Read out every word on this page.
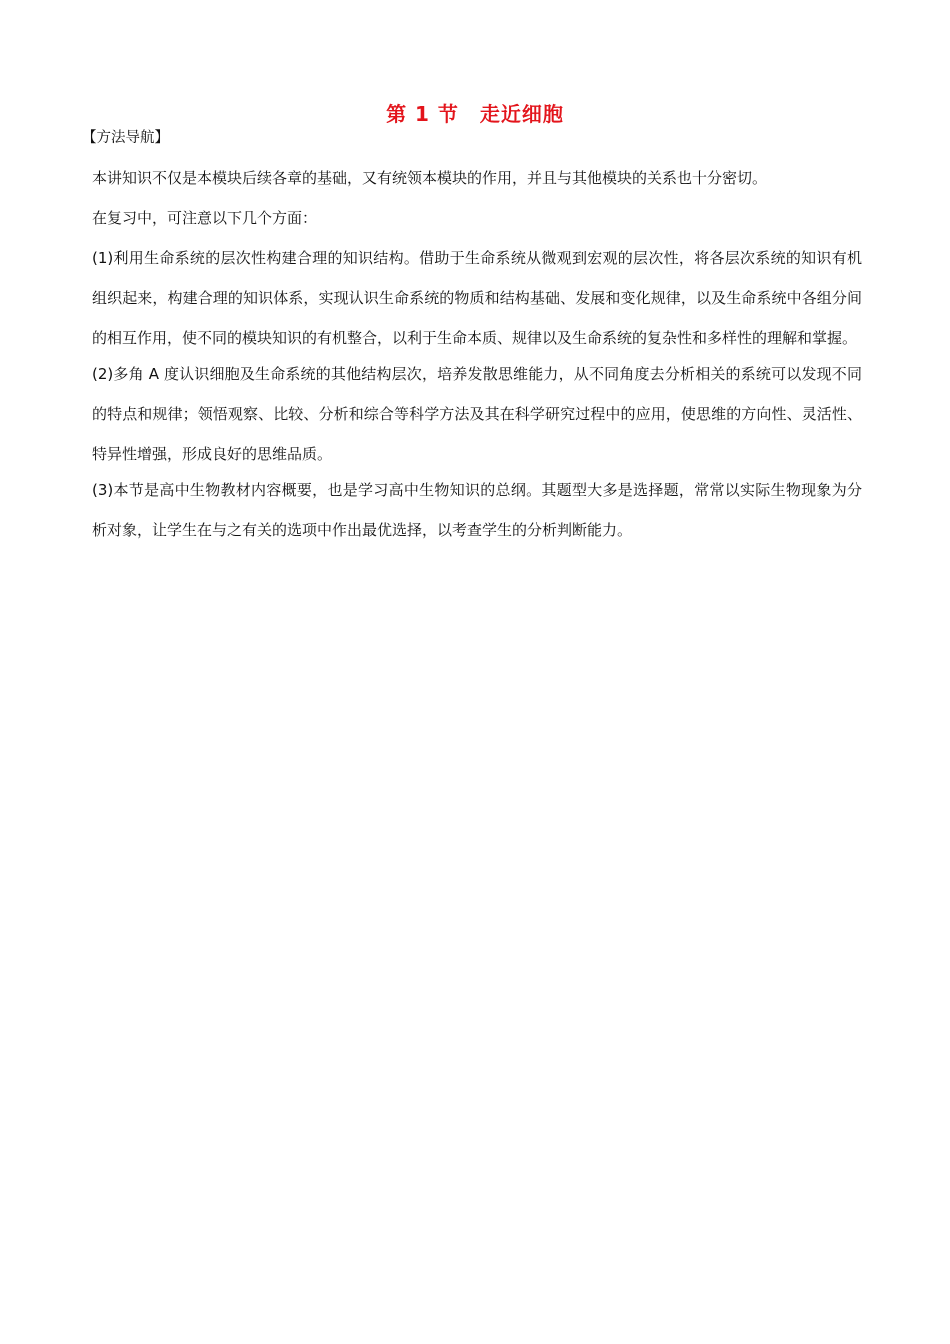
第 1 节　走近细胞
【方法导航】

本讲知识不仅是本模块后续各章的基础，又有统领本模块的作用，并且与其他模块的关系也十分密切。

在复习中，可注意以下几个方面：

(1)利用生命系统的层次性构建合理的知识结构。借助于生命系统从微观到宏观的层次性，将各层次系统的知识有机组织起来，构建合理的知识体系，实现认识生命系统的物质和结构基础、发展和变化规律，以及生命系统中各组分间的相互作用，使不同的模块知识的有机整合，以利于生命本质、规律以及生命系统的复杂性和多样性的理解和掌握。

(2)多角 A 度认识细胞及生命系统的其他结构层次，培养发散思维能力，从不同角度去分析相关的系统可以发现不同的特点和规律；领悟观察、比较、分析和综合等科学方法及其在科学研究过程中的应用，使思维的方向性、灵活性、特异性增强，形成良好的思维品质。

(3)本节是高中生物教材内容概要，也是学习高中生物知识的总纲。其题型大多是选择题，常常以实际生物现象为分析对象，让学生在与之有关的选项中作出最优选择，以考查学生的分析判断能力。
